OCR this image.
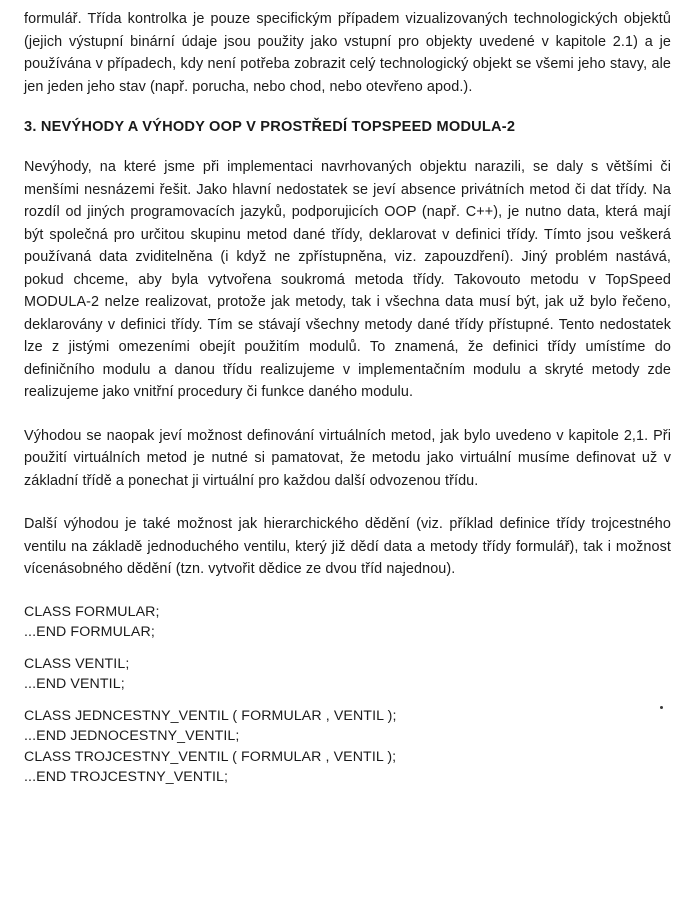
formulář. Třída kontrolka je pouze specifickým případem vizualizovaných technologických objektů (jejich výstupní binární údaje jsou použity jako vstupní pro objekty uvedené v kapitole 2.1) a je používána v případech, kdy není potřeba zobrazit celý technologický objekt se všemi jeho stavy, ale jen jeden jeho stav (např. porucha, nebo chod, nebo otevřeno apod.).

3. NEVÝHODY A VÝHODY OOP V PROSTŘEDÍ TOPSPEED MODULA-2

Nevýhody, na které jsme při implementaci navrhovaných objektu narazili, se daly s většími či menšími nesnázemi řešit. Jako hlavní nedostatek se jeví absence privátních metod či dat třídy. Na rozdíl od jiných programovacích jazyků, podporujicích OOP (např. C++), je nutno data, která mají být společná pro určitou skupinu metod dané třídy, deklarovat v definici třídy. Tímto jsou veškerá používaná data zviditelněna (i když ne zpřístupněna, viz. zapouzdření). Jiný problém nastává, pokud chceme, aby byla vytvořena soukromá metoda třídy. Takovouto metodu v TopSpeed MODULA-2 nelze realizovat, protože jak metody, tak i všechna data musí být, jak už bylo řečeno, deklarovány v definici třídy. Tím se stávají všechny metody dané třídy přístupné. Tento nedostatek lze z jistými omezeními obejít použitím modulů. To znamená, že definici třídy umístíme do definičního modulu a danou třídu realizujeme v implementačním modulu a skryté metody zde realizujeme jako vnitřní procedury či funkce daného modulu.

Výhodou se naopak jeví možnost definování virtuálních metod, jak bylo uvedeno v kapitole 2,1. Při použití virtuálních metod je nutné si pamatovat, že metodu jako virtuální musíme definovat už v základní třídě a ponechat ji virtuální pro každou další odvozenou třídu.

Další výhodou je také možnost jak hierarchického dědění (viz. příklad definice třídy trojcestného ventilu na základě jednoduchého ventilu, který již dědí data a metody třídy formulář), tak i možnost vícenásobného dědění (tzn. vytvořit dědice ze dvou tříd najednou).

CLASS FORMULAR;
...END FORMULAR;
CLASS VENTIL;
...END VENTIL;
CLASS JEDNCESTNY_VENTIL ( FORMULAR , VENTIL );
...END JEDNOCESTNY_VENTIL;
CLASS TROJCESTNY_VENTIL ( FORMULAR , VENTIL );
...END TROJCESTNY_VENTIL;
